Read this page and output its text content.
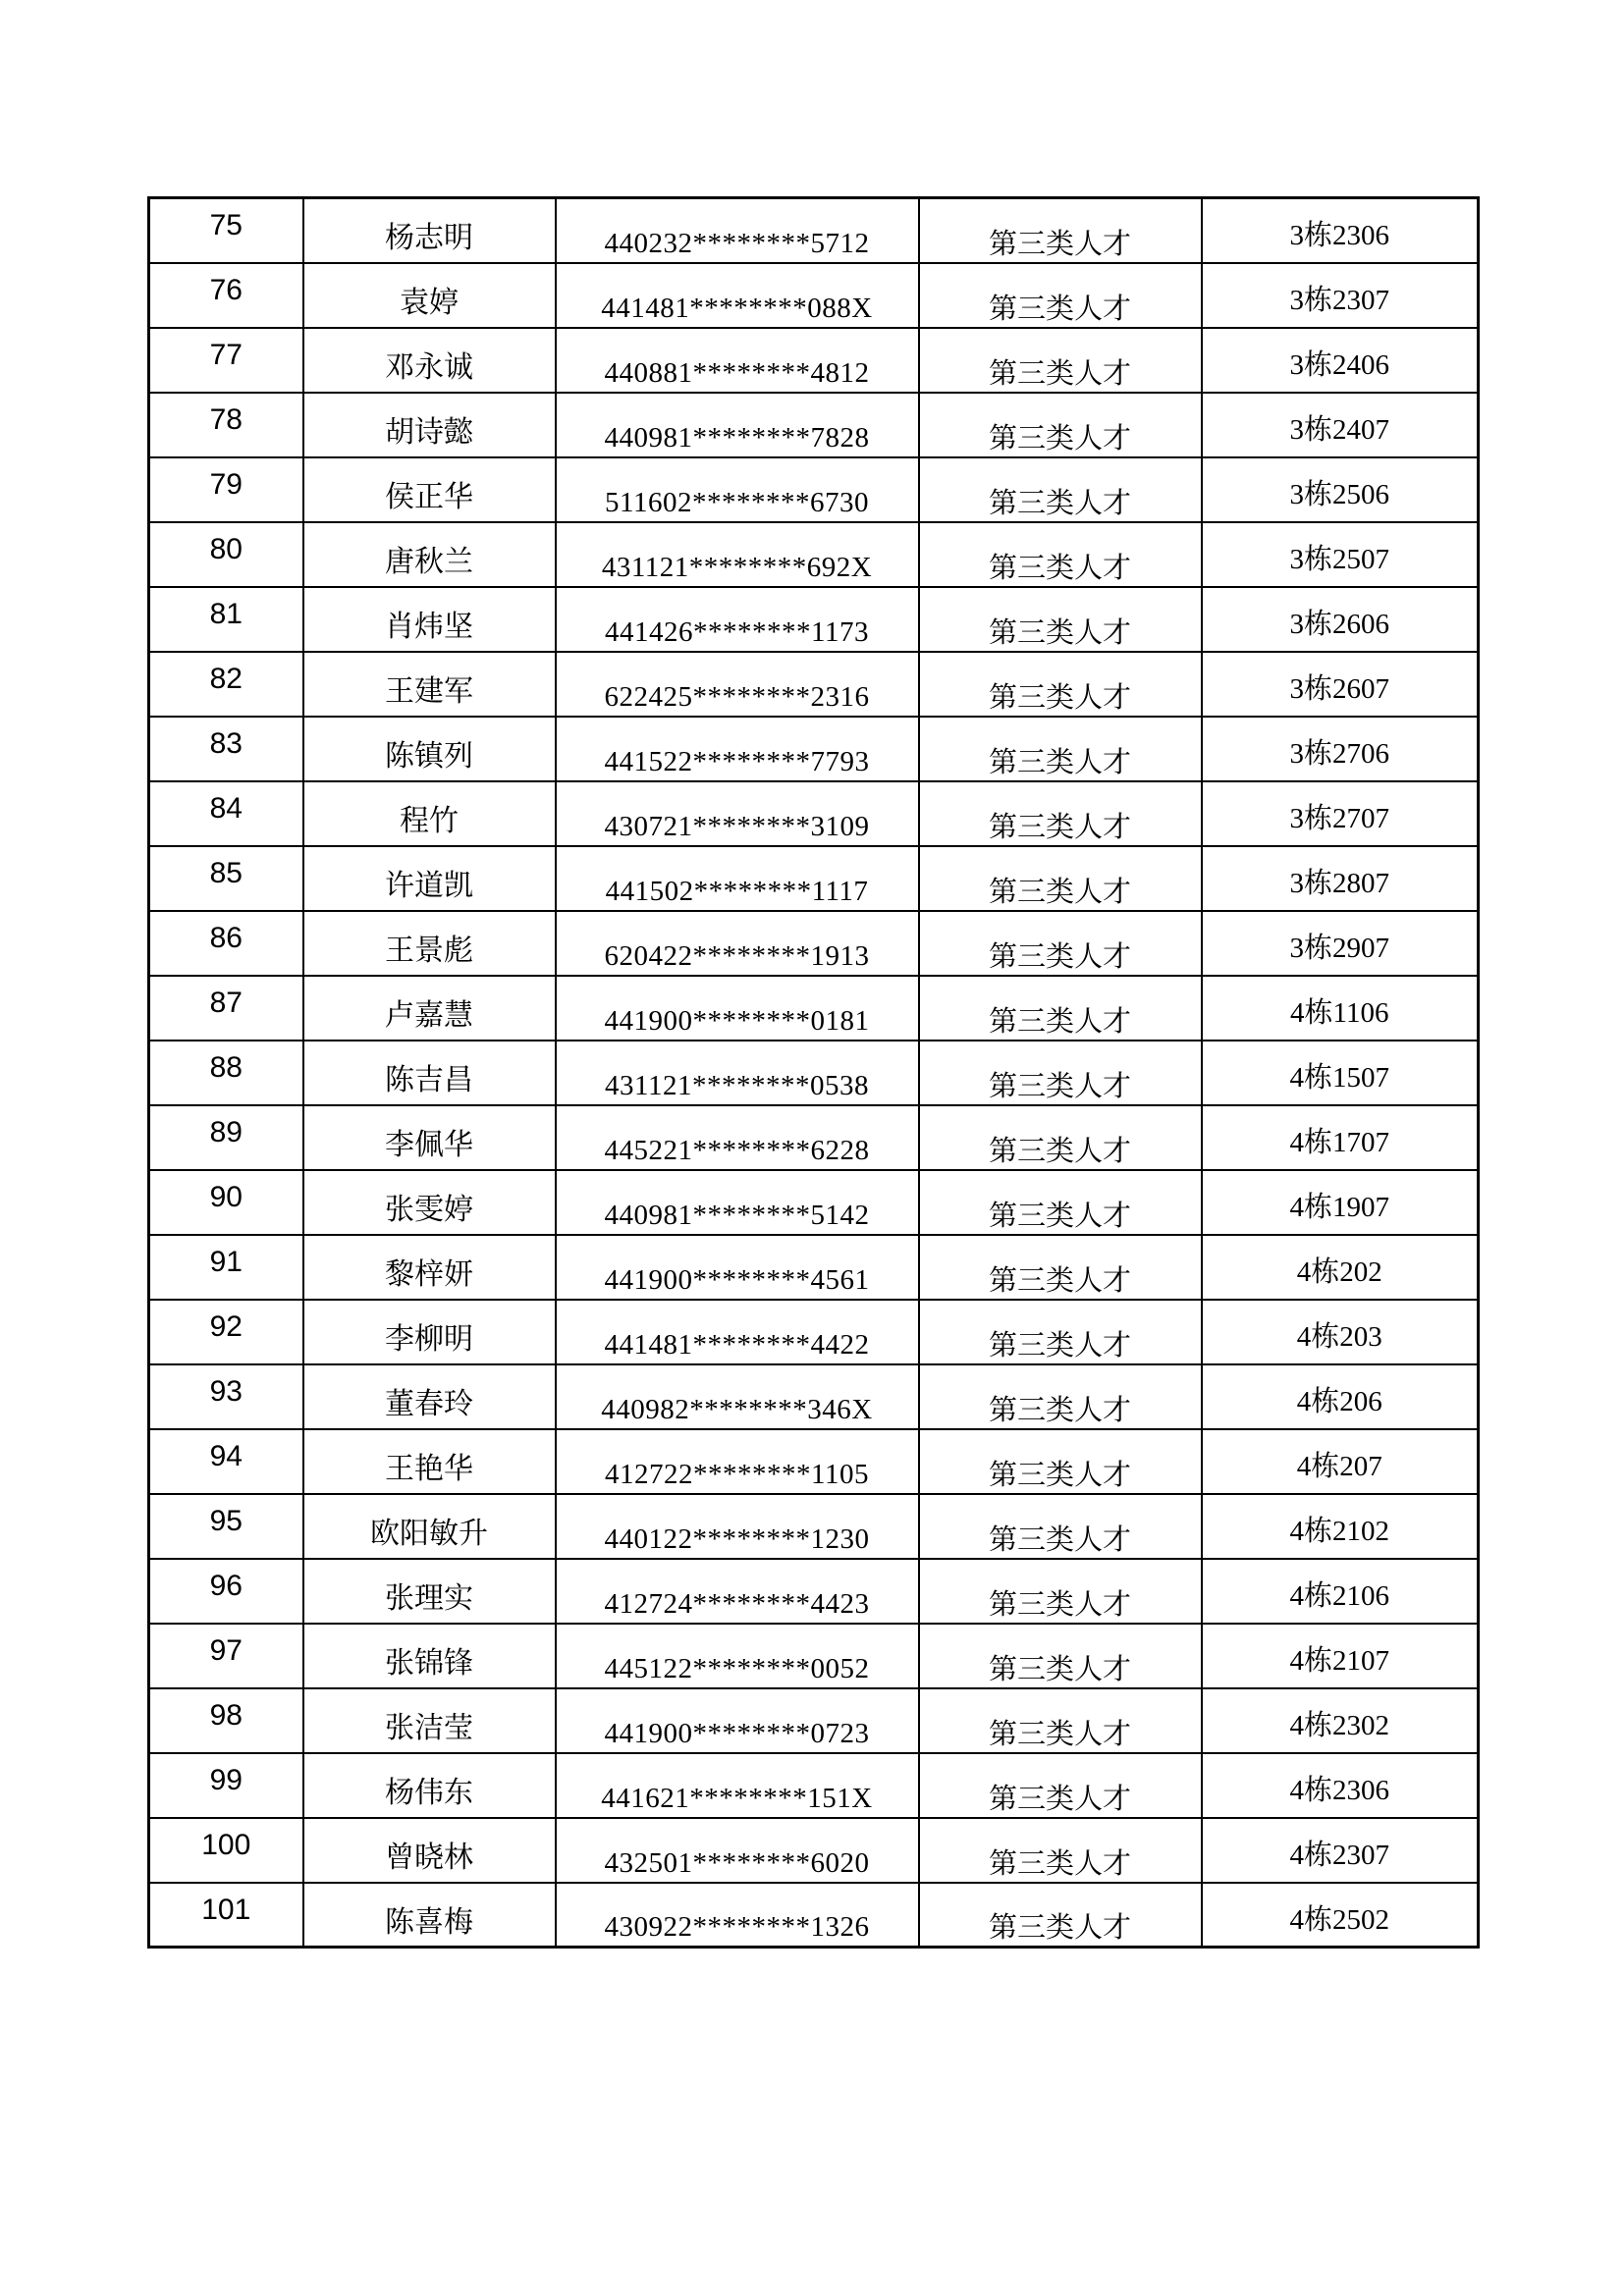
75	杨志明	440232********5712	第三类人才	3栋2306
76	袁婷	441481********088X	第三类人才	3栋2307
77	邓永诚	440881********4812	第三类人才	3栋2406
78	胡诗懿	440981********7828	第三类人才	3栋2407
79	侯正华	511602********6730	第三类人才	3栋2506
80	唐秋兰	431121********692X	第三类人才	3栋2507
81	肖炜坚	441426********1173	第三类人才	3栋2606
82	王建军	622425********2316	第三类人才	3栋2607
83	陈镇列	441522********7793	第三类人才	3栋2706
84	程竹	430721********3109	第三类人才	3栋2707
85	许道凯	441502********1117	第三类人才	3栋2807
86	王景彪	620422********1913	第三类人才	3栋2907
87	卢嘉慧	441900********0181	第三类人才	4栋1106
88	陈吉昌	431121********0538	第三类人才	4栋1507
89	李佩华	445221********6228	第三类人才	4栋1707
90	张雯婷	440981********5142	第三类人才	4栋1907
91	黎梓妍	441900********4561	第三类人才	4栋202
92	李柳明	441481********4422	第三类人才	4栋203
93	董春玲	440982********346X	第三类人才	4栋206
94	王艳华	412722********1105	第三类人才	4栋207
95	欧阳敏升	440122********1230	第三类人才	4栋2102
96	张理实	412724********4423	第三类人才	4栋2106
97	张锦锋	445122********0052	第三类人才	4栋2107
98	张洁莹	441900********0723	第三类人才	4栋2302
99	杨伟东	441621********151X	第三类人才	4栋2306
100	曾晓林	432501********6020	第三类人才	4栋2307
101	陈喜梅	430922********1326	第三类人才	4栋2502
